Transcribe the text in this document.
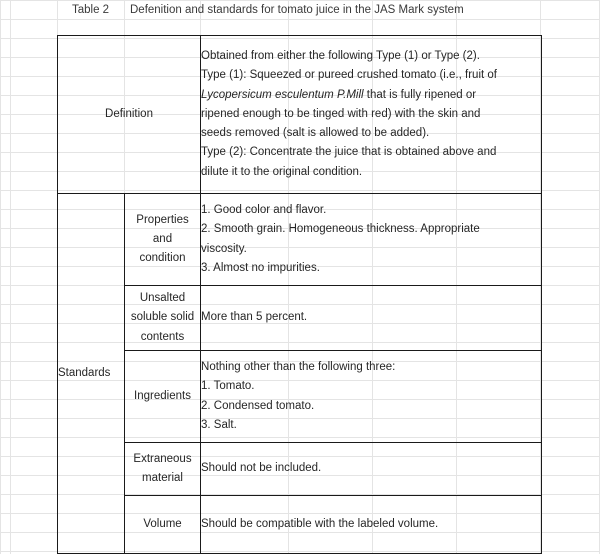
Table 2 Defenition and standards for tomato juice in the JAS Mark system
Definition	
Obtained from either the following Type (1) or Type (2).
Type (1): Squeezed or pureed crushed tomato (i.e., fruit of
Lycopersicum esculentum P.Mill that is fully ripened or
ripened enough to be tinged with red) with the skin and
seeds removed (salt is allowed to be added).
Type (2): Concentrate the juice that is obtained above and
dilute it to the original condition.

Standards	Properties
and
condition	1. Good color and flavor.
2. Smooth grain. Homogeneous thickness. Appropriate
viscosity.
3. Almost no impurities.

	Unsalted
soluble solid
contents	More than 5 percent.
	Ingredients	Nothing other than the following three:
1. Tomato.
2. Condensed tomato.
3. Salt.

	Extraneous
material	Should not be included.
	Volume	Should be compatible with the labeled volume.
